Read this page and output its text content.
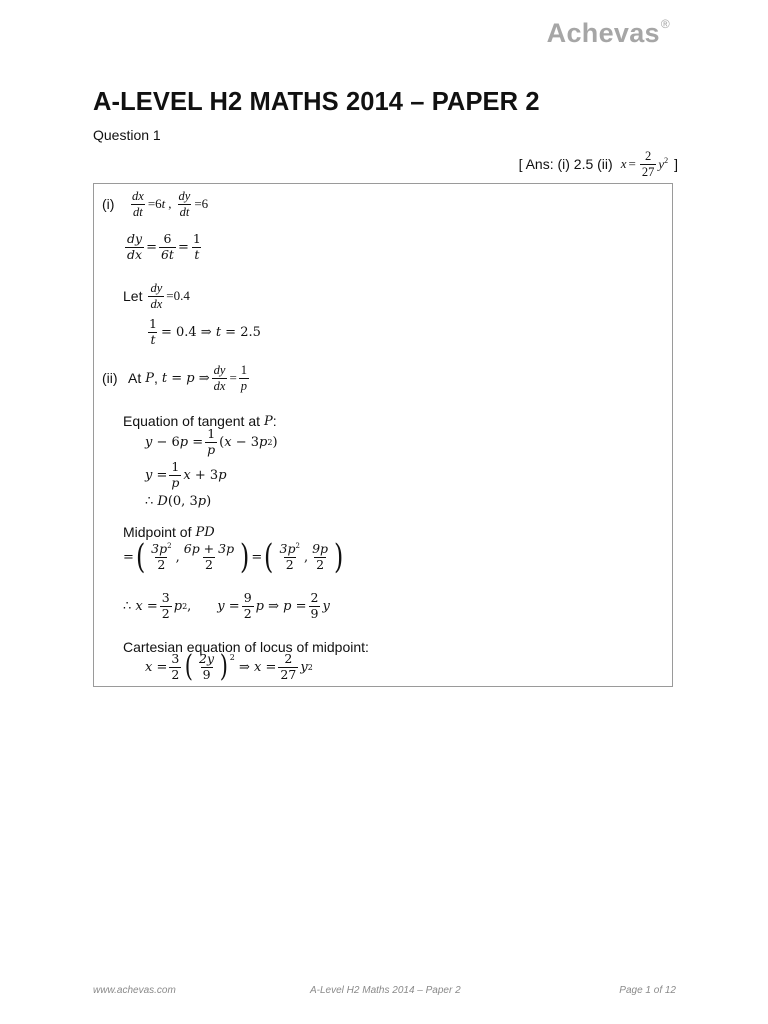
Achevas®
A-LEVEL H2 MATHS 2014 – PAPER 2
Question 1
[ Ans: (i) 2.5 (ii) $x = \frac{2}{27} y^2$ ]
(i)	$\frac{dx}{dt} =6$ t , $\frac{dy}{dt} =6$
$\frac{dy}{dx} = \frac{6}{6t} = \frac{1}{t}$
Let $\frac{dy}{dx} =0.4$
$\frac{1}{t} = 0.4$ ⇒ t = 2.5
(ii) At P , t = p ⇒ $\frac{dy}{dx} = \frac{1}{p}$
Equation of tangent at P :
y − 6 $p = \frac{1}{p}$ ( x − 3 p 2 )
$y = \frac{1}{p}$ x + 3 p
∴ D (0, 3 p )
Midpoint of PD
= ( $\frac{3p^2}{2}$ , $\frac{6p + 3p}{2}$ ) = ( $\frac{3p^2}{2}$ , $\frac{9p}{2}$ )
∴ $x = \frac{3}{2}$ p 2 , $y = \frac{9}{2}$ p ⇒ $p = \frac{2}{9}$ y
Cartesian equation of locus of midpoint:
$x = \frac{3}{2}$ ( $\frac{2y}{9} )^2$
⇒ $x = \frac{2}{27}$ y 2
www.achevas.com	A-Level H2 Maths 2014 – Paper 2	Page 1 of 12
